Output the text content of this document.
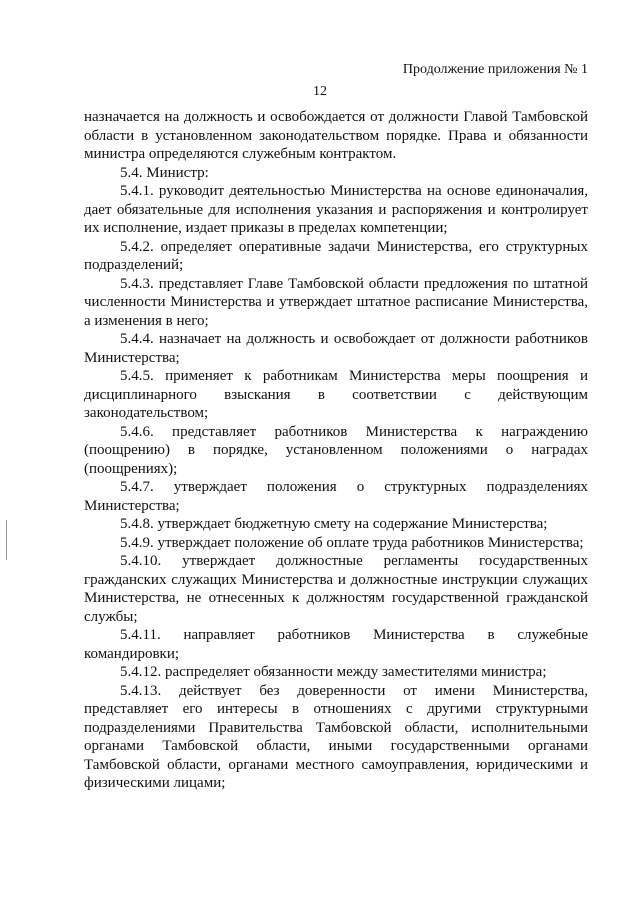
Продолжение приложения № 1
12

назначается на должность и освобождается от должности Главой Тамбовской области в установленном законодательством порядке. Права и обязанности министра определяются служебным контрактом.

5.4. Министр:

5.4.1. руководит деятельностью Министерства на основе единоначалия, дает обязательные для исполнения указания и распоряжения и контролирует их исполнение, издает приказы в пределах компетенции;

5.4.2. определяет оперативные задачи Министерства, его структурных подразделений;

5.4.3. представляет Главе Тамбовской области предложения по штатной численности Министерства и утверждает штатное расписание Министерства, а изменения в него;

5.4.4. назначает на должность и освобождает от должности работников Министерства;

5.4.5. применяет к работникам Министерства меры поощрения и дисциплинарного взыскания в соответствии с действующим законодательством;

5.4.6. представляет работников Министерства к награждению (поощрению) в порядке, установленном положениями о наградах (поощрениях);

5.4.7. утверждает положения о структурных подразделениях Министерства;

5.4.8. утверждает бюджетную смету на содержание Министерства;

5.4.9. утверждает положение об оплате труда работников Министерства;

5.4.10. утверждает должностные регламенты государственных гражданских служащих Министерства и должностные инструкции служащих Министерства, не отнесенных к должностям государственной гражданской службы;

5.4.11. направляет работников Министерства в служебные командировки;

5.4.12. распределяет обязанности между заместителями министра;

5.4.13. действует без доверенности от имени Министерства, представляет его интересы в отношениях с другими структурными подразделениями Правительства Тамбовской области, исполнительными органами Тамбовской области, иными государственными органами Тамбовской области, органами местного самоуправления, юридическими и физическими лицами;
